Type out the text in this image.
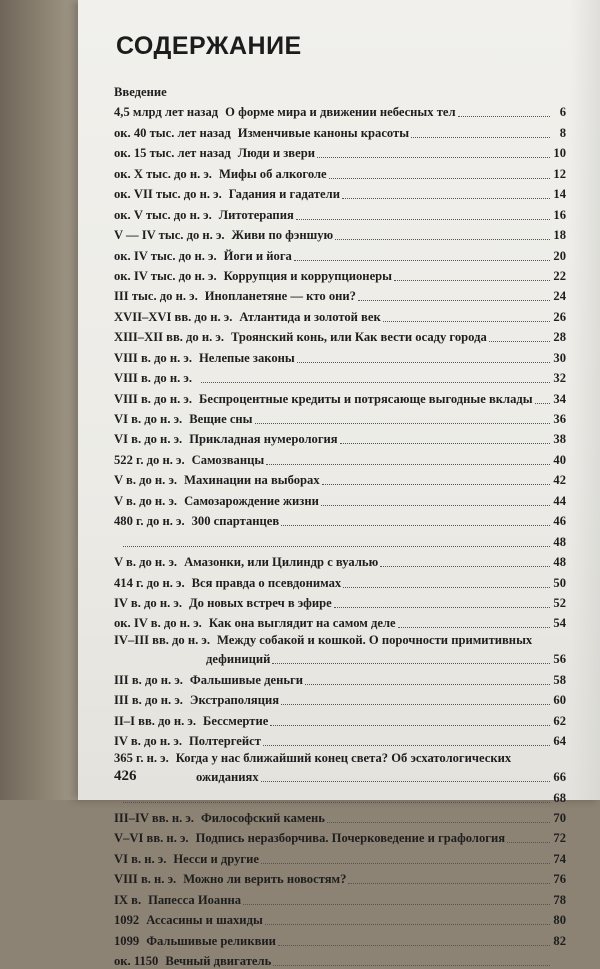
СОДЕРЖАНИЕ
Введение
4,5 млрд лет назад О форме мира и движении небесных тел	6
ок. 40 тыс. лет назад Изменчивые каноны красоты	8
ок. 15 тыс. лет назад Люди и звери	10
ок. X тыс. до н. э. Мифы об алкоголе	12
ок. VII тыс. до н. э. Гадания и гадатели	14
ок. V тыс. до н. э. Литотерапия	16
V — IV тыс. до н. э. Живи по фэншую	18
ок. IV тыс. до н. э. Йоги и йога	20
ок. IV тыс. до н. э. Коррупция и коррупционеры	22
III тыс. до н. э. Инопланетяне — кто они?	24
XVII–XVI вв. до н. э. Атлантида и золотой век	26
XIII–XII вв. до н. э. Троянский конь, или Как вести осаду города	28
VIII в. до н. э. Нелепые законы	30
VIII в. до н. э.	32
VIII в. до н. э. Беспроцентные кредиты и потрясающе выгодные вклады 34
VI в. до н. э. Вещие сны	36
VI в. до н. э. Прикладная нумерология	38
522 г. до н. э. Самозванцы	40
V в. до н. э. Махинации на выборах	42
V в. до н. э. Самозарождение жизни	44
480 г. до н. э. 300 спартанцев	46
48
V в. до н. э. Амазонки, или Цилиндр с вуалью	48
414 г. до н. э. Вся правда о псевдонимах	50
IV в. до н. э. До новых встреч в эфире	52
ок. IV в. до н. э. Как она выглядит на самом деле	54
IV–III вв. до н. э. Между собакой и кошкой. О порочности примитивных
дефиниций	56
III в. до н. э. Фальшивые деньги	58
III в. до н. э. Экстраполяция	60
II–I вв. до н. э. Бессмертие	62
IV в. до н. э. Полтергейст	64
365 г. н. э. Когда у нас ближайший конец света? Об эсхатологических
ожиданиях	66
68
III–IV вв. н. э. Философский камень	70
V–VI вв. н. э. Подпись неразборчива. Почерковедение и графология	72
VI в. н. э. Несси и другие	74
VIII в. н. э. Можно ли верить новостям?	76
IX в. Папесса Иоанна	78
1092 Ассасины и шахиды	80
1099 Фальшивые реликвии	82
ок. 1150 Вечный двигатель
426
